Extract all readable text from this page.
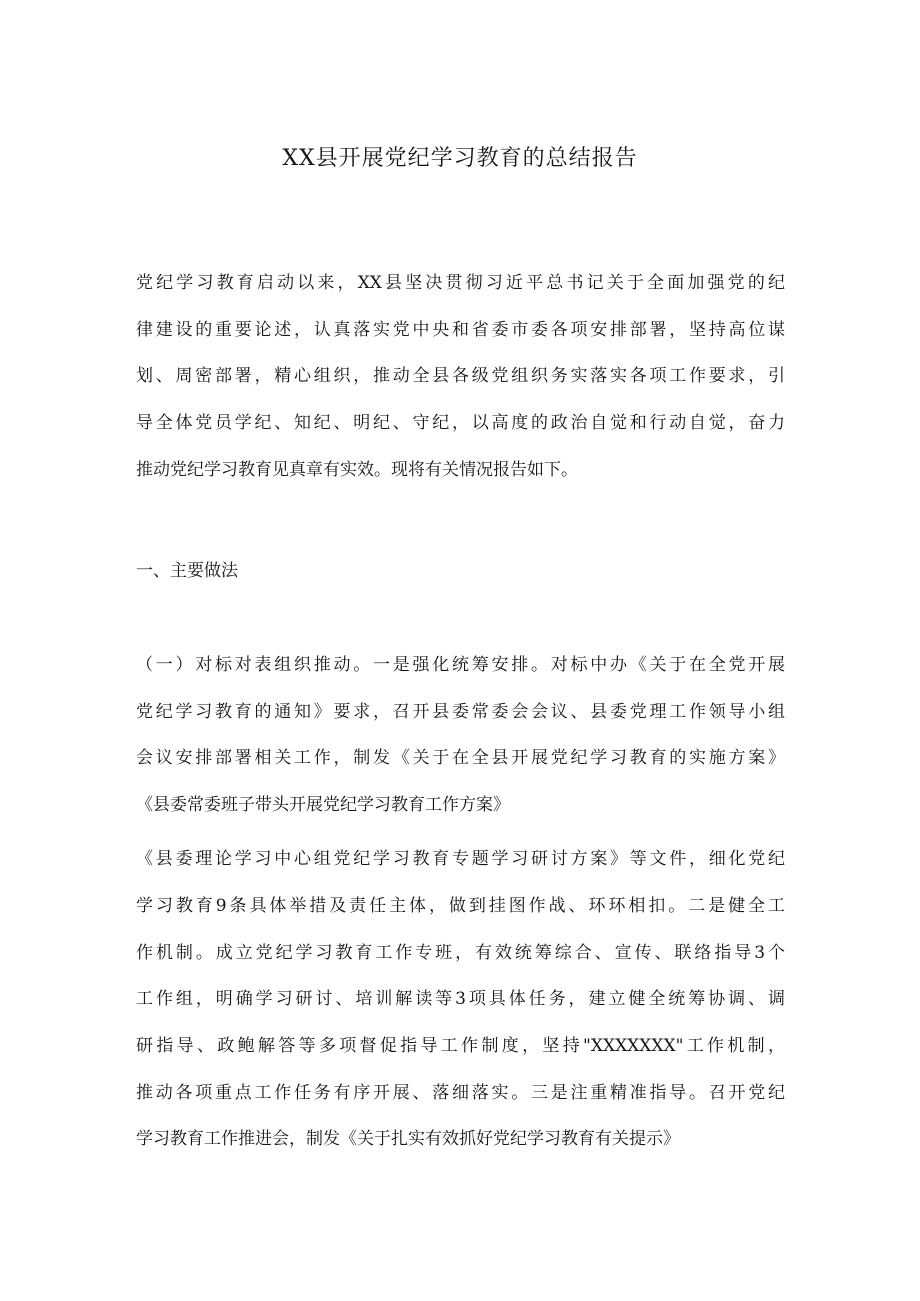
XX县开展党纪学习教育的总结报告

党纪学习教育启动以来，XX县坚决贯彻习近平总书记关于全面加强党的纪

律建设的重要论述，认真落实党中央和省委市委各项安排部署，坚持高位谋

划、周密部署，精心组织，推动全县各级党组织务实落实各项工作要求，引

导全体党员学纪、知纪、明纪、守纪，以高度的政治自觉和行动自觉，奋力

推动党纪学习教育见真章有实效。现将有关情况报告如下。

一、主要做法

（一）对标对表组织推动。一是强化统筹安排。对标中办《关于在全党开展

党纪学习教育的通知》要求，召开县委常委会会议、县委党理工作领导小组

会议安排部署相关工作，制发《关于在全县开展党纪学习教育的实施方案》

《县委常委班子带头开展党纪学习教育工作方案》

《县委理论学习中心组党纪学习教育专题学习研讨方案》等文件，细化党纪

学习教育9条具体举措及责任主体，做到挂图作战、环环相扣。二是健全工

作机制。成立党纪学习教育工作专班，有效统筹综合、宣传、联络指导3个

工作组，明确学习研讨、培训解读等3项具体任务，建立健全统筹协调、调

研指导、政鲍解答等多项督促指导工作制度，坚持"XXXXXXX"工作机制，

推动各项重点工作任务有序开展、落细落实。三是注重精准指导。召开党纪

学习教育工作推进会，制发《关于扎实有效抓好党纪学习教育有关提示》
